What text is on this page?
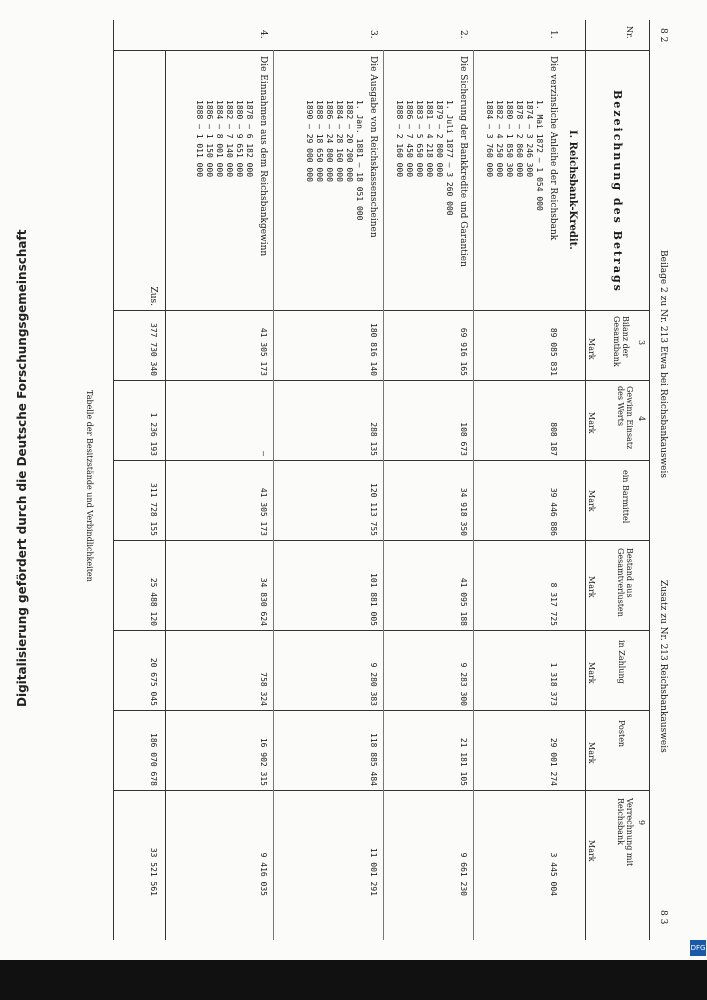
8 2
Beilage 2 zu Nr. 213 Etwa bei Reichsbankausweis
Zusatz zu Nr. 213 Reichsbankausweis
8 3
Nr.
Bezeichnung des Betrags
3
Bilanz der Gesamtbank
4
Gewinn Einsatz des Werts
ein Barmittel
Bestand aus Gesamtverlusten
in Zahlung
Posten
9
Verrechnung mit Reichsbank
Mark
Mark
Mark
Mark
Mark
Mark
Mark
I. Reichsbank-Kredit.
1.
Die verzinsliche Anleihe der Reichsbank
1. Mai 1872 — 1 054 000
1874 — 3 246 300
1878 — 2 860 000
1880 — 1 850 300
1882 — 4 250 000
1884 — 3 760 000
89 085 831
808 187
39 446 886
8 317 725
1 318 373
29 001 274
3 445 004
2.
Die Sicherung der Bankkredite und Garantien
1. Juli 1877 — 3 260 000
1879 — 2 800 000
1881 — 4 218 000
1883 — 5 650 000
1886 — 7 450 000
1888 — 2 160 000
69 916 165
108 673
34 918 350
41 095 188
9 283 300
21 181 105
9 661 230
3.
Die Ausgabe von Reichskassenscheinen
1. Jan. 1881 — 18 051 000
1882 — 20 200 000
1884 — 28 160 000
1886 — 24 800 000
1888 — 18 650 000
1890 — 29 000 000
180 816 140
288 135
120 113 755
101 881 005
9 280 383
118 885 484
11 001 291
4.
Die Einnahmen aus dem Reichsbankgewinn
1878 — 6 182 000
1880 — 9 651 000
1882 — 7 140 000
1884 — 8 001 000
1886 — 1 150 000
1888 — 1 011 000
41 305 173
—
41 305 173
34 830 624
758 324
16 902 315
9 416 035
Zus.
377 730 340
1 236 193
311 728 155
25 488 120
20 675 045
186 070 678
33 521 561
Tabelle der Besitzstände und Verbindlichkeiten
Digitalisierung gefördert durch die Deutsche Forschungsgemeinschaft
DFG
